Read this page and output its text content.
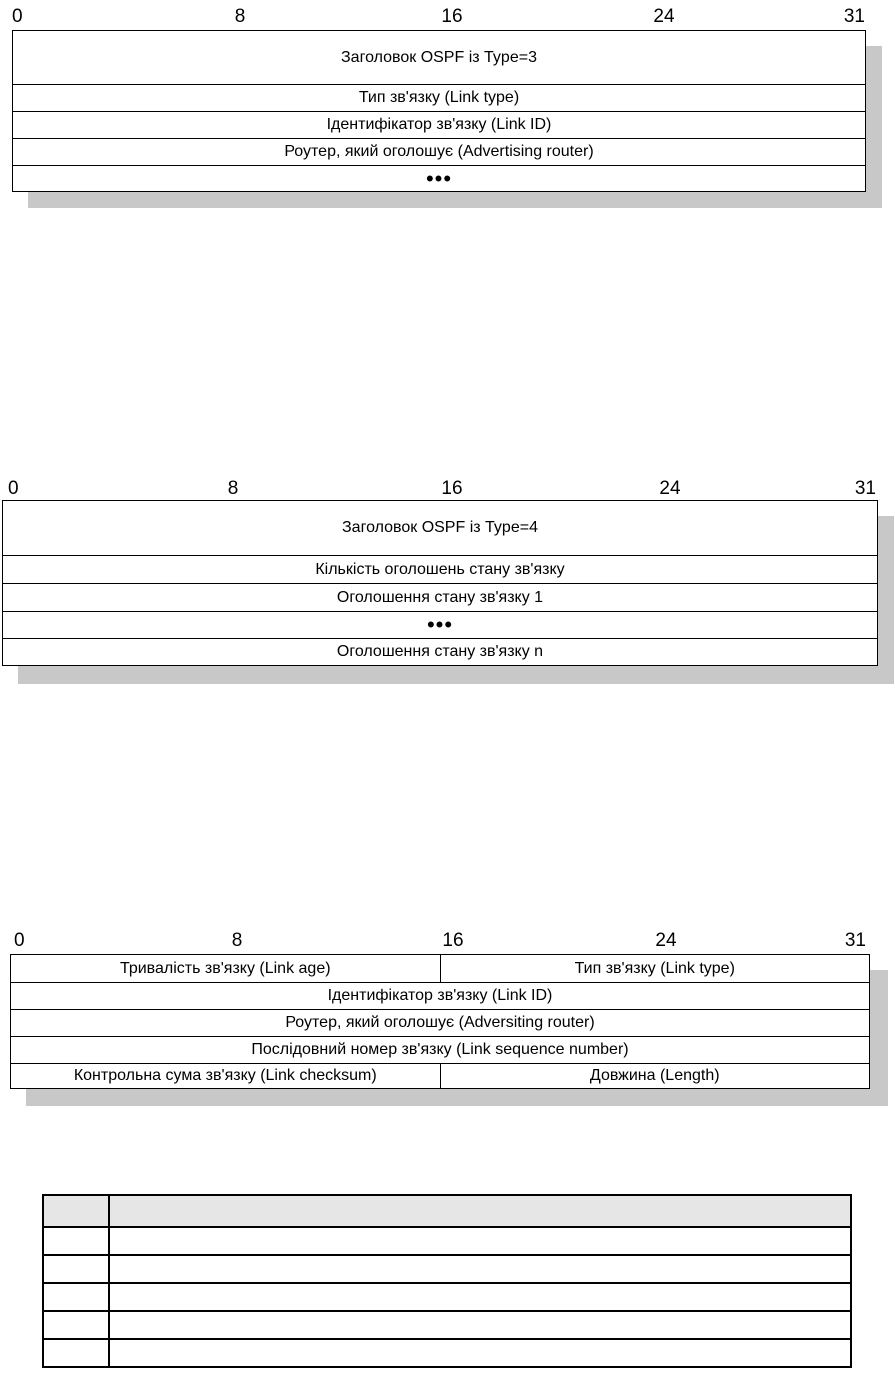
0	8	16	24	31
Заголовок OSPF із Type=3
Тип зв'язку (Link type)
Ідентифікатор зв'язку (Link ID)
Роутер, який оголошує (Advertising router)
•••
0	8	16	24	31
Заголовок OSPF із Type=4
Кількість оголошень стану зв'язку
Оголошення стану зв'язку 1
•••
Оголошення стану зв'язку n
0	8	16	24	31
Тривалість зв'язку (Link age)	Тип зв'язку (Link type)
Ідентифікатор зв'язку (Link ID)
Роутер, який оголошує (Adversiting router)
Послідовний номер зв'язку (Link sequence number)
Контрольна сума зв'язку (Link checksum)	Довжина (Length)
